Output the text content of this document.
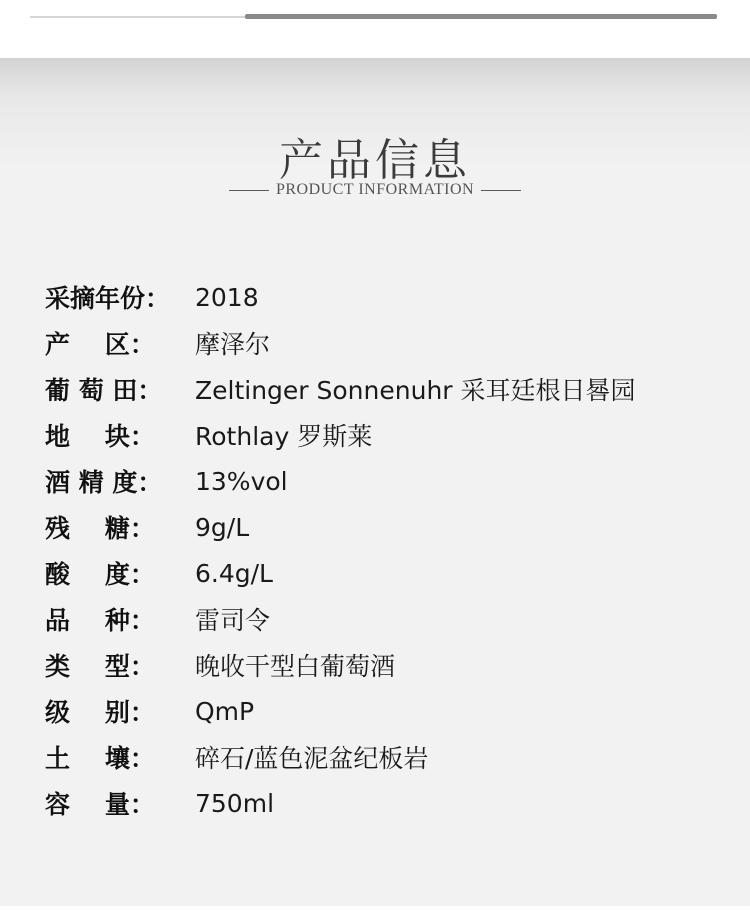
产品信息
PRODUCT INFORMATION
采摘年份： 2018
产    区：	摩泽尔
葡 萄 田：	Zeltinger Sonnenuhr 采耳廷根日晷园
地    块：	Rothlay 罗斯莱
酒 精 度：	13%vol
残    糖：	9g/L
酸    度：	6.4g/L
品    种：	雷司令
类    型：	晚收干型白葡萄酒
级    别：	QmP
土    壤：	碎石/蓝色泥盆纪板岩
容    量：	750ml
